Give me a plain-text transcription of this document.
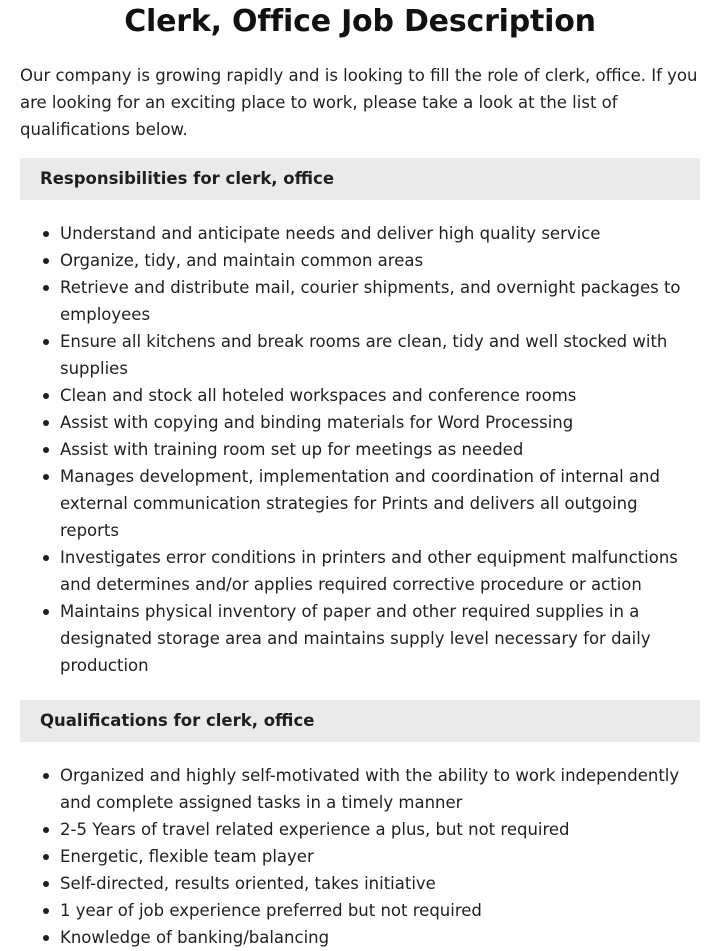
Clerk, Office Job Description

Our company is growing rapidly and is looking to fill the role of clerk, office. If you are looking for an exciting place to work, please take a look at the list of qualifications below.

Responsibilities for clerk, office
Understand and anticipate needs and deliver high quality service
Organize, tidy, and maintain common areas
Retrieve and distribute mail, courier shipments, and overnight packages to employees
Ensure all kitchens and break rooms are clean, tidy and well stocked with supplies
Clean and stock all hoteled workspaces and conference rooms
Assist with copying and binding materials for Word Processing
Assist with training room set up for meetings as needed
Manages development, implementation and coordination of internal and external communication strategies for Prints and delivers all outgoing reports
Investigates error conditions in printers and other equipment malfunctions and determines and/or applies required corrective procedure or action
Maintains physical inventory of paper and other required supplies in a designated storage area and maintains supply level necessary for daily production
Qualifications for clerk, office
Organized and highly self-motivated with the ability to work independently and complete assigned tasks in a timely manner
2-5 Years of travel related experience a plus, but not required
Energetic, flexible team player
Self-directed, results oriented, takes initiative
1 year of job experience preferred but not required
Knowledge of banking/balancing
